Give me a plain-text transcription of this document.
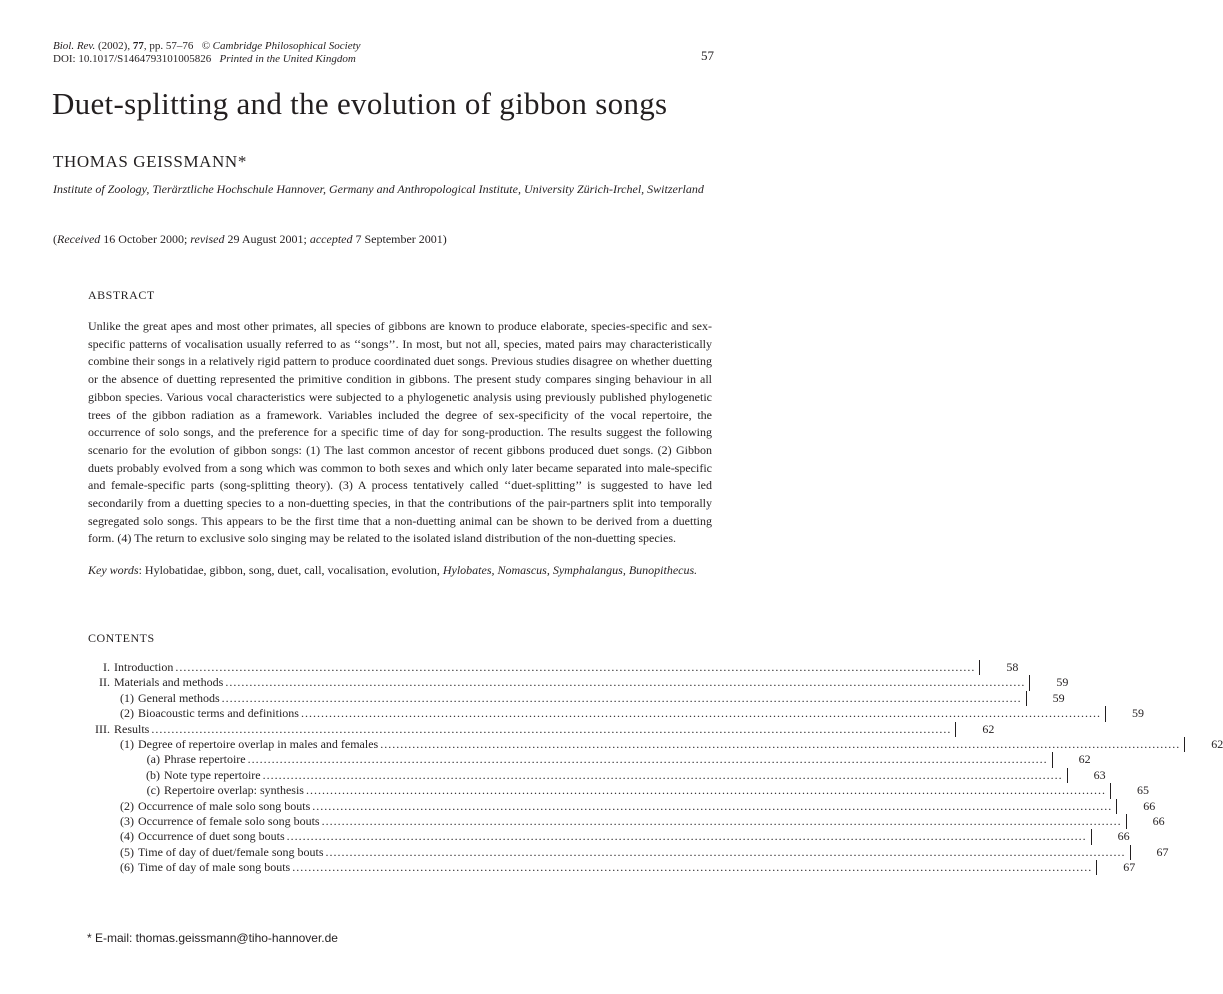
Biol. Rev. (2002), 77, pp. 57–76 © Cambridge Philosophical Society
DOI: 10.1017/S1464793101005826 Printed in the United Kingdom	57
Duet-splitting and the evolution of gibbon songs
THOMAS GEISSMANN*
Institute of Zoology, Tierärztliche Hochschule Hannover, Germany and Anthropological Institute, University Zürich-Irchel, Switzerland
(Received 16 October 2000; revised 29 August 2001; accepted 7 September 2001)
ABSTRACT

Unlike the great apes and most other primates, all species of gibbons are known to produce elaborate, species-specific and sex-specific patterns of vocalisation usually referred to as ‘‘songs’’. In most, but not all, species, mated pairs may characteristically combine their songs in a relatively rigid pattern to produce coordinated duet songs. Previous studies disagree on whether duetting or the absence of duetting represented the primitive condition in gibbons. The present study compares singing behaviour in all gibbon species. Various vocal characteristics were subjected to a phylogenetic analysis using previously published phylogenetic trees of the gibbon radiation as a framework. Variables included the degree of sex-specificity of the vocal repertoire, the occurrence of solo songs, and the preference for a specific time of day for song-production. The results suggest the following scenario for the evolution of gibbon songs: (1) The last common ancestor of recent gibbons produced duet songs. (2) Gibbon duets probably evolved from a song which was common to both sexes and which only later became separated into male-specific and female-specific parts (song-splitting theory). (3) A process tentatively called ‘‘duet-splitting’’ is suggested to have led secondarily from a duetting species to a non-duetting species, in that the contributions of the pair-partners split into temporally segregated solo songs. This appears to be the first time that a non-duetting animal can be shown to be derived from a duetting form. (4) The return to exclusive solo singing may be related to the isolated island distribution of the non-duetting species.

Key words: Hylobatidae, gibbon, song, duet, call, vocalisation, evolution, Hylobates, Nomascus, Symphalangus, Bunopithecus.
CONTENTS
I. Introduction ........................................................................................................................................................................................................	58
II. Materials and methods ........................................................................................................................................................................................................	59
(1) General methods ........................................................................................................................................................................................................	59
(2) Bioacoustic terms and definitions ........................................................................................................................................................................................................	59
III. Results ........................................................................................................................................................................................................	62
(1) Degree of repertoire overlap in males and females ........................................................................................................................................................................................................	62
(a) Phrase repertoire ........................................................................................................................................................................................................	62
(b) Note type repertoire ........................................................................................................................................................................................................	63
(c) Repertoire overlap: synthesis ........................................................................................................................................................................................................	65
(2) Occurrence of male solo song bouts ........................................................................................................................................................................................................	66
(3) Occurrence of female solo song bouts ........................................................................................................................................................................................................	66
(4) Occurrence of duet song bouts ........................................................................................................................................................................................................	66
(5) Time of day of duet/female song bouts ........................................................................................................................................................................................................	67
(6) Time of day of male song bouts ........................................................................................................................................................................................................	67
* E-mail: thomas.geissmann@tiho-hannover.de
